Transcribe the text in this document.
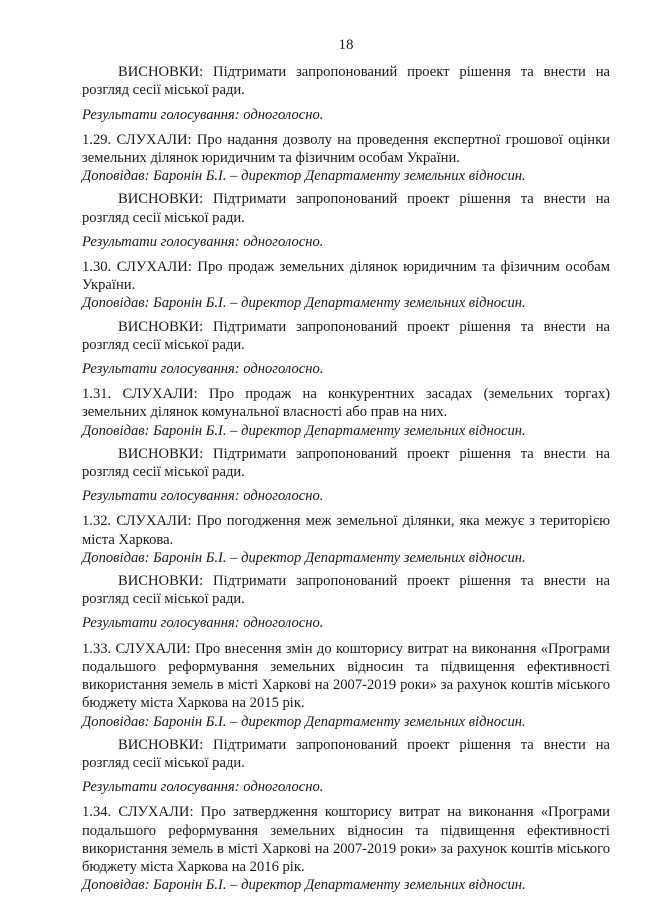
18

ВИСНОВКИ: Підтримати запропонований проект рішення та внести на розгляд сесії міської ради.

Результати голосування: одноголосно.

1.29. СЛУХАЛИ: Про надання дозволу на проведення експертної грошової оцінки земельних ділянок юридичним та фізичним особам України.

Доповідав: Баронін Б.І. – директор Департаменту земельних відносин.

ВИСНОВКИ: Підтримати запропонований проект рішення та внести на розгляд сесії міської ради.

Результати голосування: одноголосно.

1.30. СЛУХАЛИ: Про продаж земельних ділянок юридичним та фізичним особам України.

Доповідав: Баронін Б.І. – директор Департаменту земельних відносин.

ВИСНОВКИ: Підтримати запропонований проект рішення та внести на розгляд сесії міської ради.

Результати голосування: одноголосно.

1.31. СЛУХАЛИ: Про продаж на конкурентних засадах (земельних торгах) земельних ділянок комунальної власності або прав на них.

Доповідав: Баронін Б.І. – директор Департаменту земельних відносин.

ВИСНОВКИ: Підтримати запропонований проект рішення та внести на розгляд сесії міської ради.

Результати голосування: одноголосно.

1.32. СЛУХАЛИ: Про погодження меж земельної ділянки, яка межує з територією міста Харкова.

Доповідав: Баронін Б.І. – директор Департаменту земельних відносин.

ВИСНОВКИ: Підтримати запропонований проект рішення та внести на розгляд сесії міської ради.

Результати голосування: одноголосно.

1.33. СЛУХАЛИ: Про внесення змін до кошторису витрат на виконання «Програми подальшого реформування земельних відносин та підвищення ефективності використання земель в місті Харкові на 2007-2019 роки» за рахунок коштів міського бюджету міста Харкова на 2015 рік.

Доповідав: Баронін Б.І. – директор Департаменту земельних відносин.

ВИСНОВКИ: Підтримати запропонований проект рішення та внести на розгляд сесії міської ради.

Результати голосування: одноголосно.

1.34. СЛУХАЛИ: Про затвердження кошторису витрат на виконання «Програми подальшого реформування земельних відносин та підвищення ефективності використання земель в місті Харкові на 2007-2019 роки» за рахунок коштів міського бюджету міста Харкова на 2016 рік.

Доповідав: Баронін Б.І. – директор Департаменту земельних відносин.
